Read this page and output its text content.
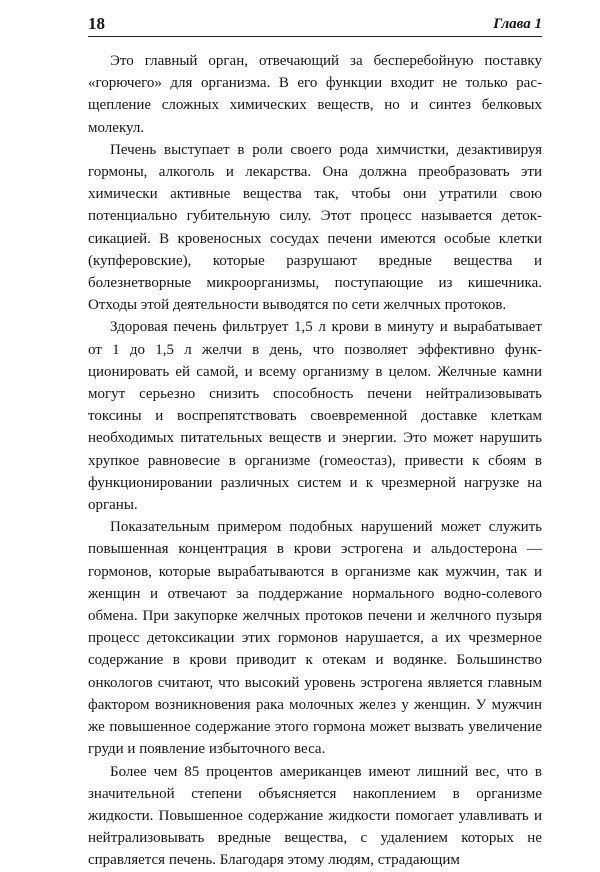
18	Глава 1

Это главный орган, отвечающий за бесперебойную поставку «горючего» для организма. В его функции входит не только расщепление сложных химических веществ, но и синтез белковых молекул.

Печень выступает в роли своего рода химчистки, дезактивируя гормоны, алкоголь и лекарства. Она должна преобразовать эти химически активные вещества так, чтобы они утратили свою потенциально губительную силу. Этот процесс называется детоксикацией. В кровеносных сосудах печени имеются особые клетки (купферовские), которые разрушают вредные вещества и болезнетворные микроорганизмы, поступающие из кишечника. Отходы этой деятельности выводятся по сети желчных протоков.

Здоровая печень фильтрует 1,5 л крови в минуту и вырабатывает от 1 до 1,5 л желчи в день, что позволяет эффективно функционировать ей самой, и всему организму в целом. Желчные камни могут серьезно снизить способность печени нейтрализовывать токсины и воспрепятствовать своевременной доставке клеткам необходимых питательных веществ и энергии. Это может нарушить хрупкое равновесие в организме (гомеостаз), привести к сбоям в функционировании различных систем и к чрезмерной нагрузке на органы.

Показательным примером подобных нарушений может служить повышенная концентрация в крови эстрогена и альдостерона — гормонов, которые вырабатываются в организме как мужчин, так и женщин и отвечают за поддержание нормального водно-солевого обмена. При закупорке желчных протоков печени и желчного пузыря процесс детоксикации этих гормонов нарушается, а их чрезмерное содержание в крови приводит к отекам и водянке. Большинство онкологов считают, что высокий уровень эстрогена является главным фактором возникновения рака молочных желез у женщин. У мужчин же повышенное содержание этого гормона может вызвать увеличение груди и появление избыточного веса.

Более чем 85 процентов американцев имеют лишний вес, что в значительной степени объясняется накоплением в организме жидкости. Повышенное содержание жидкости помогает улавливать и нейтрализовывать вредные вещества, с удалением которых не справляется печень. Благодаря этому людям, страдающим
